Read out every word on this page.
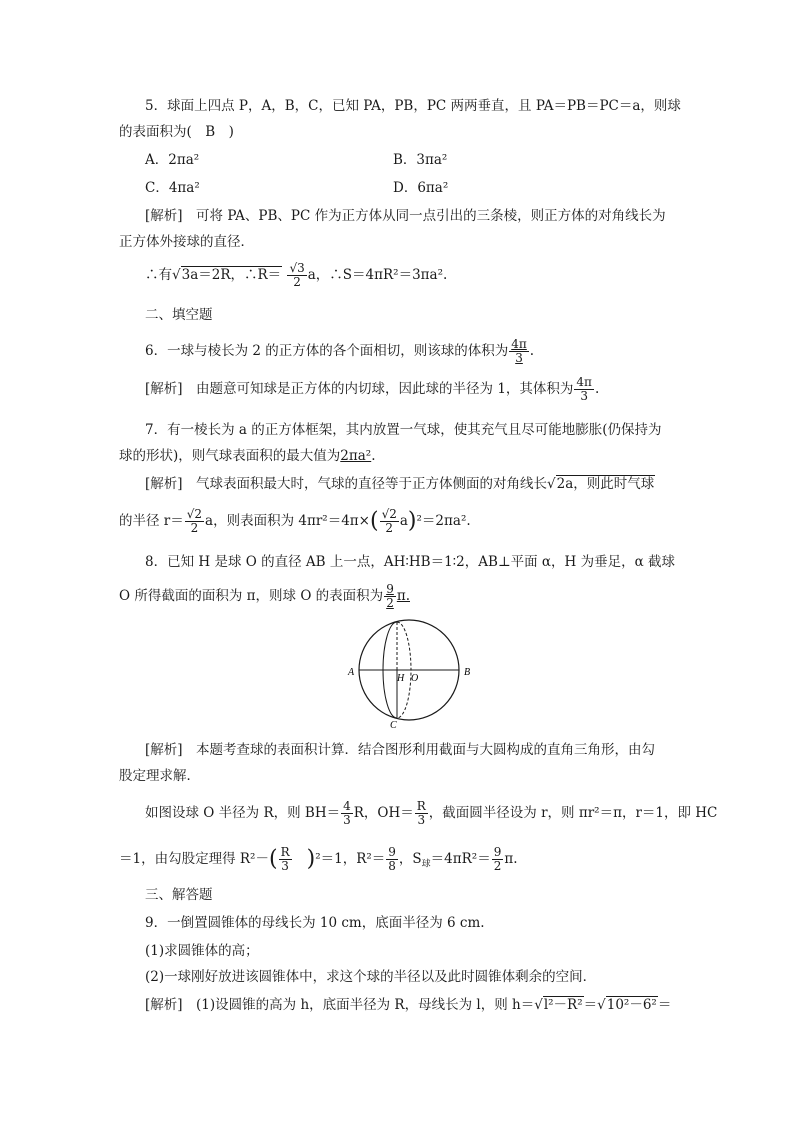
5．球面上四点 P，A，B，C，已知 PA，PB，PC 两两垂直，且 PA＝PB＝PC＝a，则球
的表面积为(　B　)
A．2πa²	B．3πa²
C．4πa²	D．6πa²
[解析]　可将 PA、PB、PC 作为正方体从同一点引出的三条棱，则正方体的对角线长为
正方体外接球的直径．
∴有√3a＝2R，∴R＝ $\frac{√3}{2}$ a，∴S＝4πR²＝3πa².
二、填空题
6．一球与棱长为 2 的正方体的各个面相切，则该球的体积为 $\frac{4\pi}{3}$ .
[解析]　由题意可知球是正方体的内切球，因此球的半径为 1，其体积为 $\frac{4\pi}{3}$ .
7．有一棱长为 a 的正方体框架，其内放置一气球，使其充气且尽可能地膨胀(仍保持为
球的形状)，则气球表面积的最大值为2πa².
[解析]　气球表面积最大时，气球的直径等于正方体侧面的对角线长√2a，则此时气球
的半径 $r= \frac{√2}{2}$ a，则表面积为 $4\pi r^2=4\pi\times( \frac{√2}{2} a)^2=2\pi a^2$.
8．已知 H 是球 O 的直径 AB 上一点，AH∶HB＝1∶2，AB⊥平面 α，H 为垂足，α 截球
O 所得截面的面积为 π，则球 O 的表面积为 $\frac{9}{2} \pi$.
A	B
H O
C
[解析]　本题考查球的表面积计算．结合图形利用截面与大圆构成的直角三角形，由勾
股定理求解．
如图设球 O 半径为 R，则 $BH= \frac{4}{3}$ R，$OH= \frac{R}{3}$ ，截面圆半径设为 r，则 πr²＝π，r＝1，即 HC
＝1，由勾股定理得 $R^2-( \frac{R}{3} )^2=1$，$R^2= \frac{9}{8}$ ，$S_球=4\pi R^2= \frac{9}{2} \pi$.
三、解答题
9．一倒置圆锥体的母线长为 10 cm，底面半径为 6 cm.
(1)求圆锥体的高；
(2)一球刚好放进该圆锥体中，求这个球的半径以及此时圆锥体剩余的空间．
[解析]　(1)设圆锥的高为 h，底面半径为 R，母线长为 l，则 h＝√l²－R²＝√10²－6²＝
